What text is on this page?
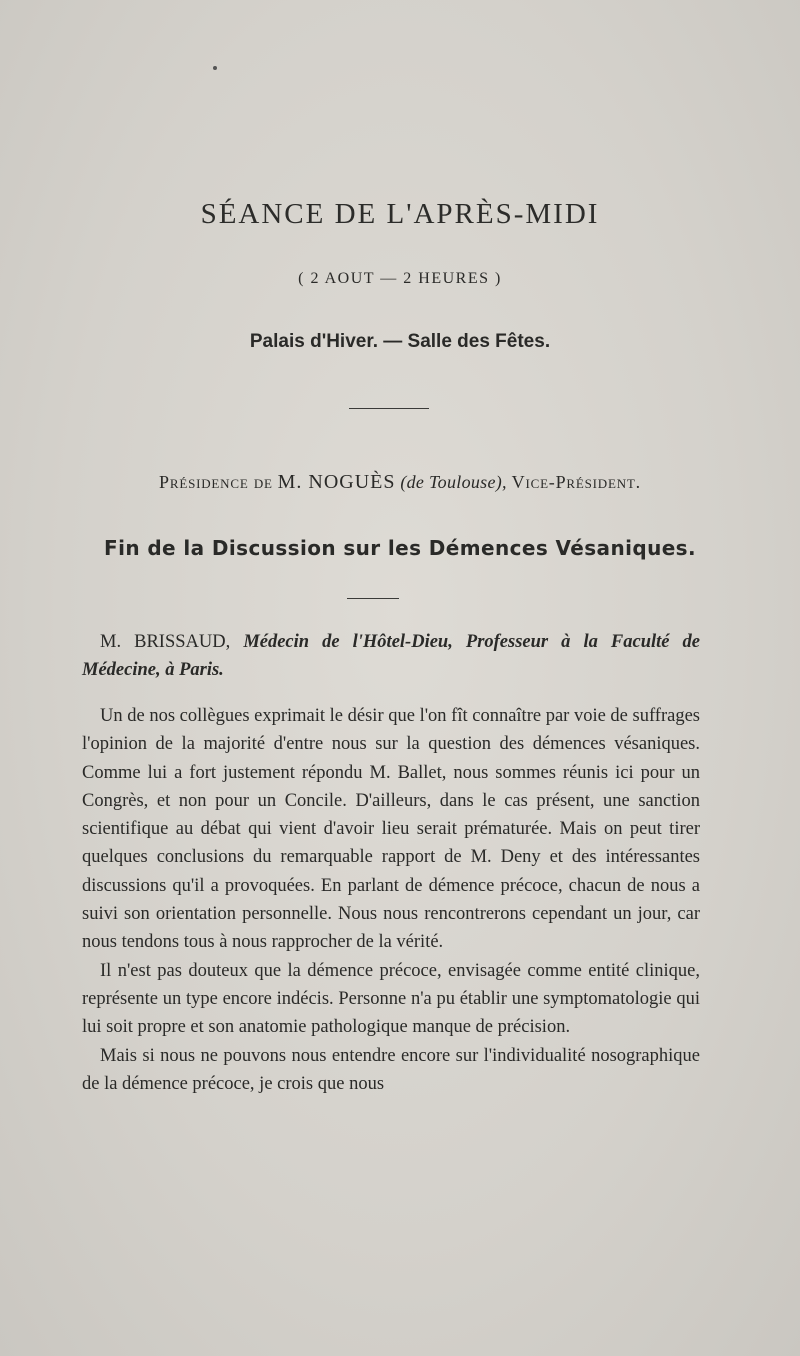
SÉANCE DE L'APRÈS-MIDI
( 2 AOUT — 2 HEURES )
Palais d'Hiver. — Salle des Fêtes.
Présidence de M. NOGUÈS (de Toulouse), Vice-Président.
Fin de la Discussion sur les Démences Vésaniques.
M. BRISSAUD, Médecin de l'Hôtel-Dieu, Professeur à la Faculté de Médecine, à Paris.

Un de nos collègues exprimait le désir que l'on fît connaître par voie de suffrages l'opinion de la majorité d'entre nous sur la question des démences vésaniques. Comme lui a fort justement répondu M. Ballet, nous sommes réunis ici pour un Congrès, et non pour un Concile. D'ailleurs, dans le cas présent, une sanction scientifique au débat qui vient d'avoir lieu serait prématurée. Mais on peut tirer quelques conclusions du remarquable rapport de M. Deny et des intéressantes discussions qu'il a provoquées. En parlant de démence précoce, chacun de nous a suivi son orientation personnelle. Nous nous rencontrerons cependant un jour, car nous tendons tous à nous rapprocher de la vérité.

Il n'est pas douteux que la démence précoce, envisagée comme entité clinique, représente un type encore indécis. Personne n'a pu établir une symptomatologie qui lui soit propre et son anatomie pathologique manque de précision.

Mais si nous ne pouvons nous entendre encore sur l'individualité nosographique de la démence précoce, je crois que nous
